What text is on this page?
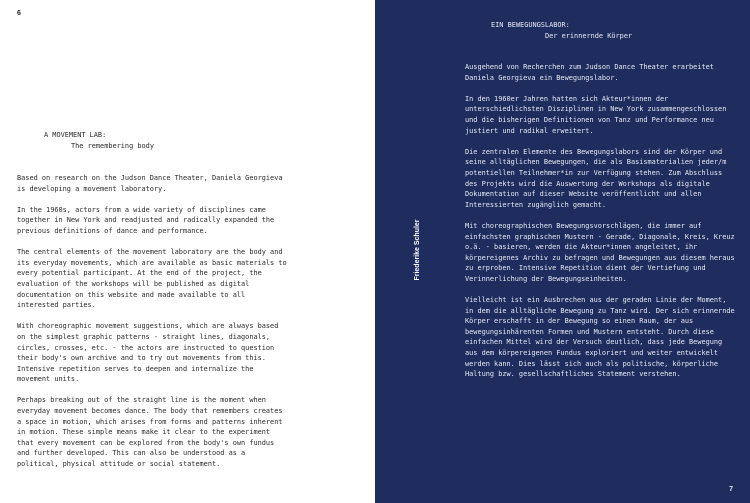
6
A MOVEMENT LAB:
The remembering body

Based on research on the Judson Dance Theater, Daniela Georgieva is developing a movement laboratory.

In the 1960s, actors from a wide variety of disciplines came together in New York and readjusted and radically expanded the previous definitions of dance and performance.

The central elements of the movement laboratory are the body and its everyday movements, which are available as basic materials to every potential participant. At the end of the project, the evaluation of the workshops will be published as digital documentation on this website and made available to all interested parties.

With choreographic movement suggestions, which are always based on the simplest graphic patterns - straight lines, diagonals, circles, crosses, etc. - the actors are instructed to question their body's own archive and to try out movements from this. Intensive repetition serves to deepen and internalize the movement units.

Perhaps breaking out of the straight line is the moment when everyday movement becomes dance. The body that remembers creates a space in motion, which arises from forms and patterns inherent in motion. These simple means make it clear to the experiment that every movement can be explored from the body's own fundus and further developed. This can also be understood as a political, physical attitude or social statement.

7
Friederike Schuler
EIN BEWEGUNGSLABOR:
Der erinnernde Körper

Ausgehend von Recherchen zum Judson Dance Theater erarbeitet Daniela Georgieva ein Bewegungslabor.

In den 1960er Jahren hatten sich Akteur*innen der unterschiedlichsten Disziplinen in New York zusammengeschlossen und die bisherigen Definitionen von Tanz und Performance neu justiert und radikal erweitert.

Die zentralen Elemente des Bewegungslabors sind der Körper und seine alltäglichen Bewegungen, die als Basismaterialien jeder/m potentiellen Teilnehmer*in zur Verfügung stehen. Zum Abschluss des Projekts wird die Auswertung der Workshops als digitale Dokumentation auf dieser Website veröffentlicht und allen Interessierten zugänglich gemacht.

Mit choreographischen Bewegungsvorschlägen, die immer auf einfachsten graphischen Mustern - Gerade, Diagonale, Kreis, Kreuz o.ä. - basieren, werden die Akteur*innen angeleitet, ihr körpereigenes Archiv zu befragen und Bewegungen aus diesem heraus zu erproben. Intensive Repetition dient der Vertiefung und Verinnerlichung der Bewegungseinheiten.

Vielleicht ist ein Ausbrechen aus der geraden Linie der Moment, in dem die alltägliche Bewegung zu Tanz wird. Der sich erinnernde Körper erschafft in der Bewegung so einen Raum, der aus bewegungsinhärenten Formen und Mustern entsteht. Durch diese einfachen Mittel wird der Versuch deutlich, dass jede Bewegung aus dem körpereigenen Fundus exploriert und weiter entwickelt werden kann. Dies lässt sich auch als politische, körperliche Haltung bzw. gesellschaftliches Statement verstehen.
